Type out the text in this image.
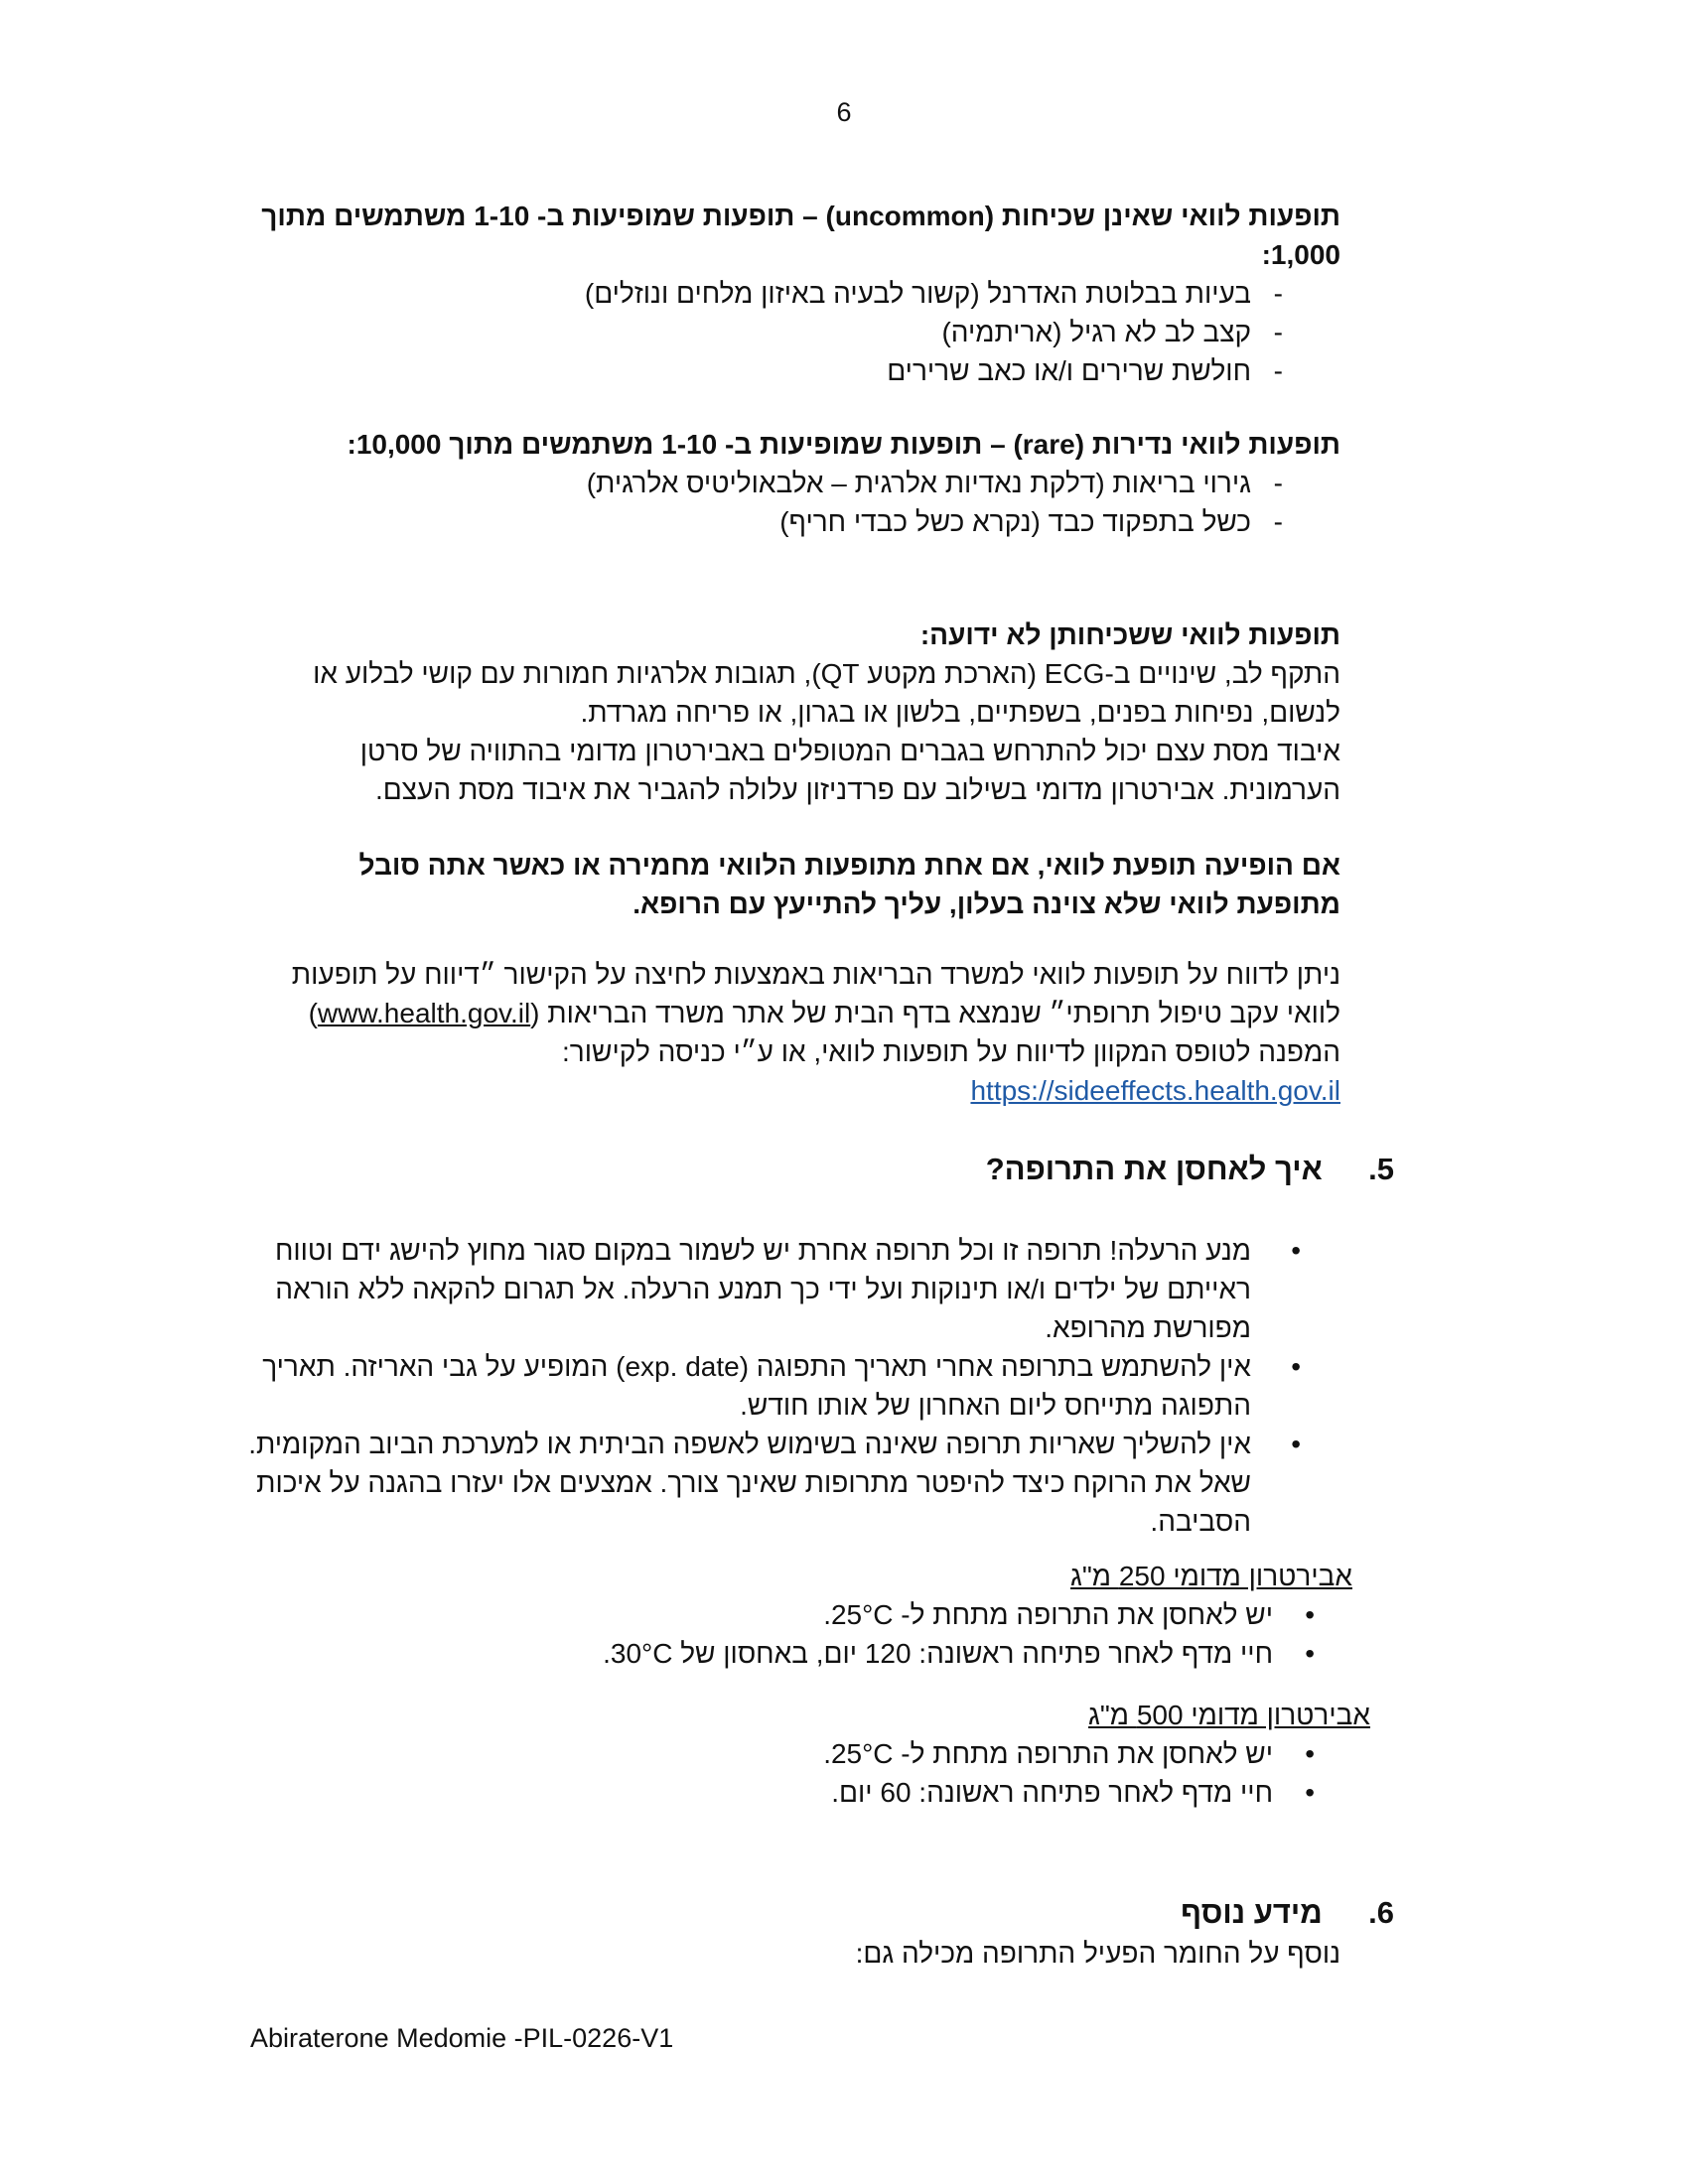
6
תופעות לוואי שאינן שכיחות (uncommon) – תופעות שמופיעות ב- 1-10 משתמשים מתוך 1,000:
- בעיות בבלוטת האדרנל (קשור לבעיה באיזון מלחים ונוזלים)
- קצב לב לא רגיל (אריתמיה)
- חולשת שרירים ו/או כאב שרירים
תופעות לוואי נדירות (rare) – תופעות שמופיעות ב- 1-10 משתמשים מתוך 10,000:
- גירוי בריאות (דלקת נאדיות אלרגית – אלבאוליטיס אלרגית)
- כשל בתפקוד כבד (נקרא כשל כבדי חריף)
תופעות לוואי ששכיחותן לא ידועה:
התקף לב, שינויים ב-ECG (הארכת מקטע QT), תגובות אלרגיות חמורות עם קושי לבלוע או לנשום, נפיחות בפנים, בשפתיים, בלשון או בגרון, או פריחה מגרדת.
איבוד מסת עצם יכול להתרחש בגברים המטופלים באבירטרון מדומי בהתוויה של סרטן הערמונית. אבירטרון מדומי בשילוב עם פרדניזון עלולה להגביר את איבוד מסת העצם.
אם הופיעה תופעת לוואי, אם אחת מתופעות הלוואי מחמירה או כאשר אתה סובל מתופעת לוואי שלא צוינה בעלון, עליך להתייעץ עם הרופא.
ניתן לדווח על תופעות לוואי למשרד הבריאות באמצעות לחיצה על הקישור ״דיווח על תופעות לוואי עקב טיפול תרופתי״ שנמצא בדף הבית של אתר משרד הבריאות (www.health.gov.il) המפנה לטופס המקוון לדיווח על תופעות לוואי, או ע״י כניסה לקישור:
https://sideeffects.health.gov.il
5.  איך לאחסן את התרופה?
• מנע הרעלה! תרופה זו וכל תרופה אחרת יש לשמור במקום סגור מחוץ להישג ידם וטווח ראייתם של ילדים ו/או תינוקות ועל ידי כך תמנע הרעלה. אל תגרום להקאה ללא הוראה מפורשת מהרופא.
• אין להשתמש בתרופה אחרי תאריך התפוגה (exp. date) המופיע על גבי האריזה. תאריך התפוגה מתייחס ליום האחרון של אותו חודש.
• אין להשליך שאריות תרופה שאינה בשימוש לאשפה הביתית או למערכת הביוב המקומית. שאל את הרוקח כיצד להיפטר מתרופות שאינך צורך. אמצעים אלו יעזרו בהגנה על איכות הסביבה.
אבירטרון מדומי 250 מ"ג
• יש לאחסן את התרופה מתחת ל- 25°C.
• חיי מדף לאחר פתיחה ראשונה: 120 יום, באחסון של 30°C.
אבירטרון מדומי 500 מ"ג
• יש לאחסן את התרופה מתחת ל- 25°C.
• חיי מדף לאחר פתיחה ראשונה: 60 יום.
6.  מידע נוסף
נוסף על החומר הפעיל התרופה מכילה גם:
Abiraterone Medomie -PIL-0226-V1
